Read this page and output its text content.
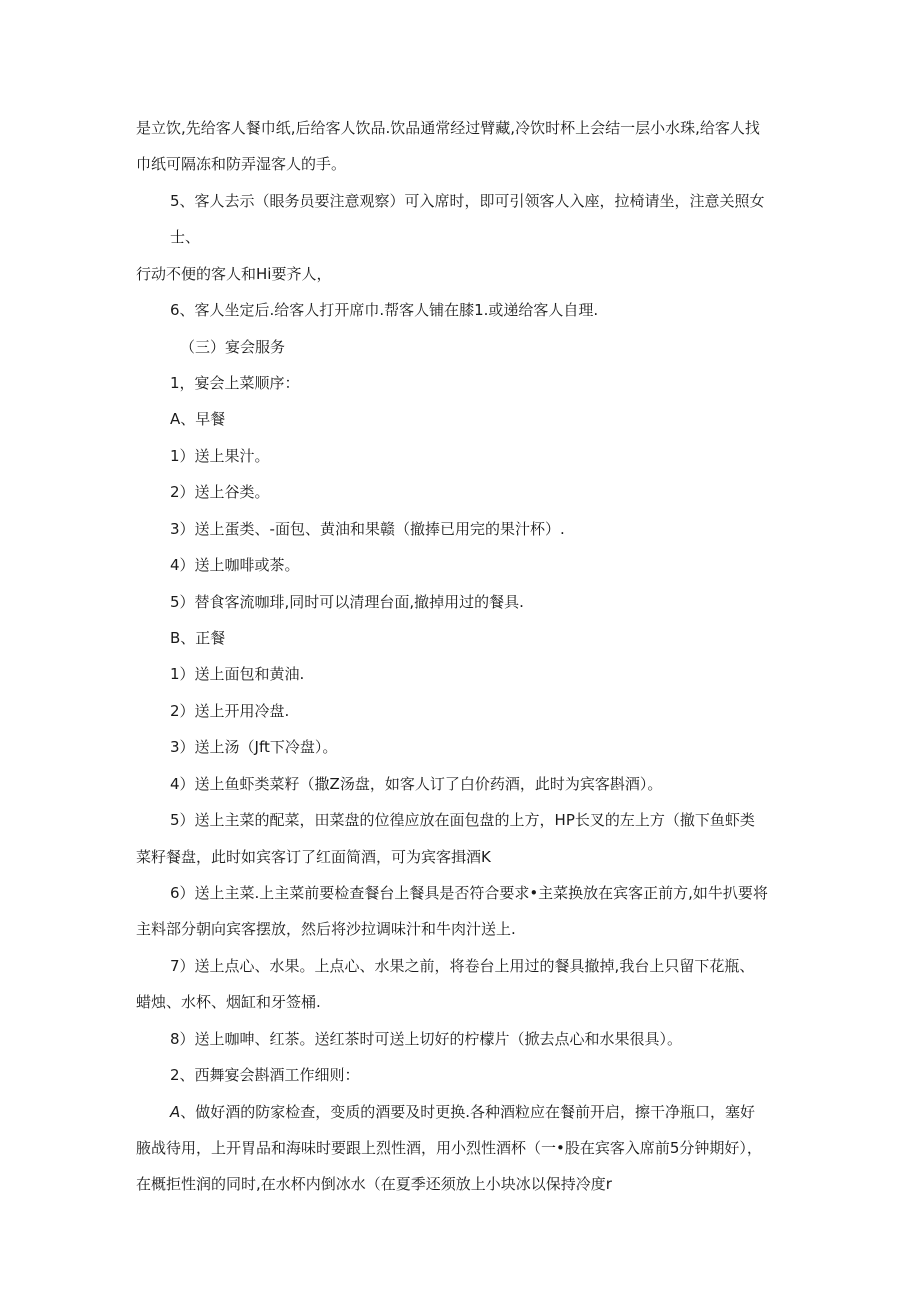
是立饮,先给客人餐巾纸,后给客人饮品.饮品通常经过臂藏,冷饮时杯上会结一层小水珠,给客人找
巾纸可隔冻和防弄湿客人的手。
5、客人去示（眼务员要注意观察）可入席时，即可引领客人入座，拉椅请坐，注意关照女
士、
行动不便的客人和Hi要齐人，
6、客人坐定后.给客人打开席巾.帮客人铺在膝1.或递给客人自理.
（三）宴会服务
1，宴会上菜顺序：
A、早餐
1）送上果汁。
2）送上谷类。
3）送上蛋类、-面包、黄油和果赣（撤捧已用完的果汁杯）.
4）送上咖啡或茶。
5）替食客流咖琲,同时可以清理台面,撤掉用过的餐具.
B、正餐
1）送上面包和黄油.
2）送上开用冷盘.
3）送上汤（Jft下冷盘）。
4）送上鱼虾类菜籽（撒Z汤盘，如客人订了白价药酒，此时为宾客斟酒）。
5）送上主菜的配菜，田菜盘的位徨应放在面包盘的上方，HP长叉的左上方（撤下鱼虾类
菜籽餐盘，此时如宾客订了红面简酒，可为宾客揖酒K
6）送上主菜.上主菜前要检查餐台上餐具是否符合要求•主菜换放在宾客正前方,如牛扒要将
主料部分朝向宾客摆放，然后将沙拉调味汁和牛肉汁送上.
7）送上点心、水果。上点心、水果之前，将卷台上用过的餐具撤掉,我台上只留下花瓶、
蜡烛、水杯、烟缸和牙签桶.
8）送上咖呻、红茶。送红茶时可送上切好的柠檬片（掀去点心和水果很具）。
2、西舞宴会斟酒工作细则：
A、做好酒的防家检查，变质的酒要及时更换.各种酒粒应在餐前开启，擦干净瓶口，塞好
腋战待用，上开胃品和海味时要跟上烈性酒，用小烈性酒杯（一•股在宾客入席前5分钟期好），
在概拒性润的同时,在水杯内倒冰水（在夏季还须放上小块冰以保持冷度r
